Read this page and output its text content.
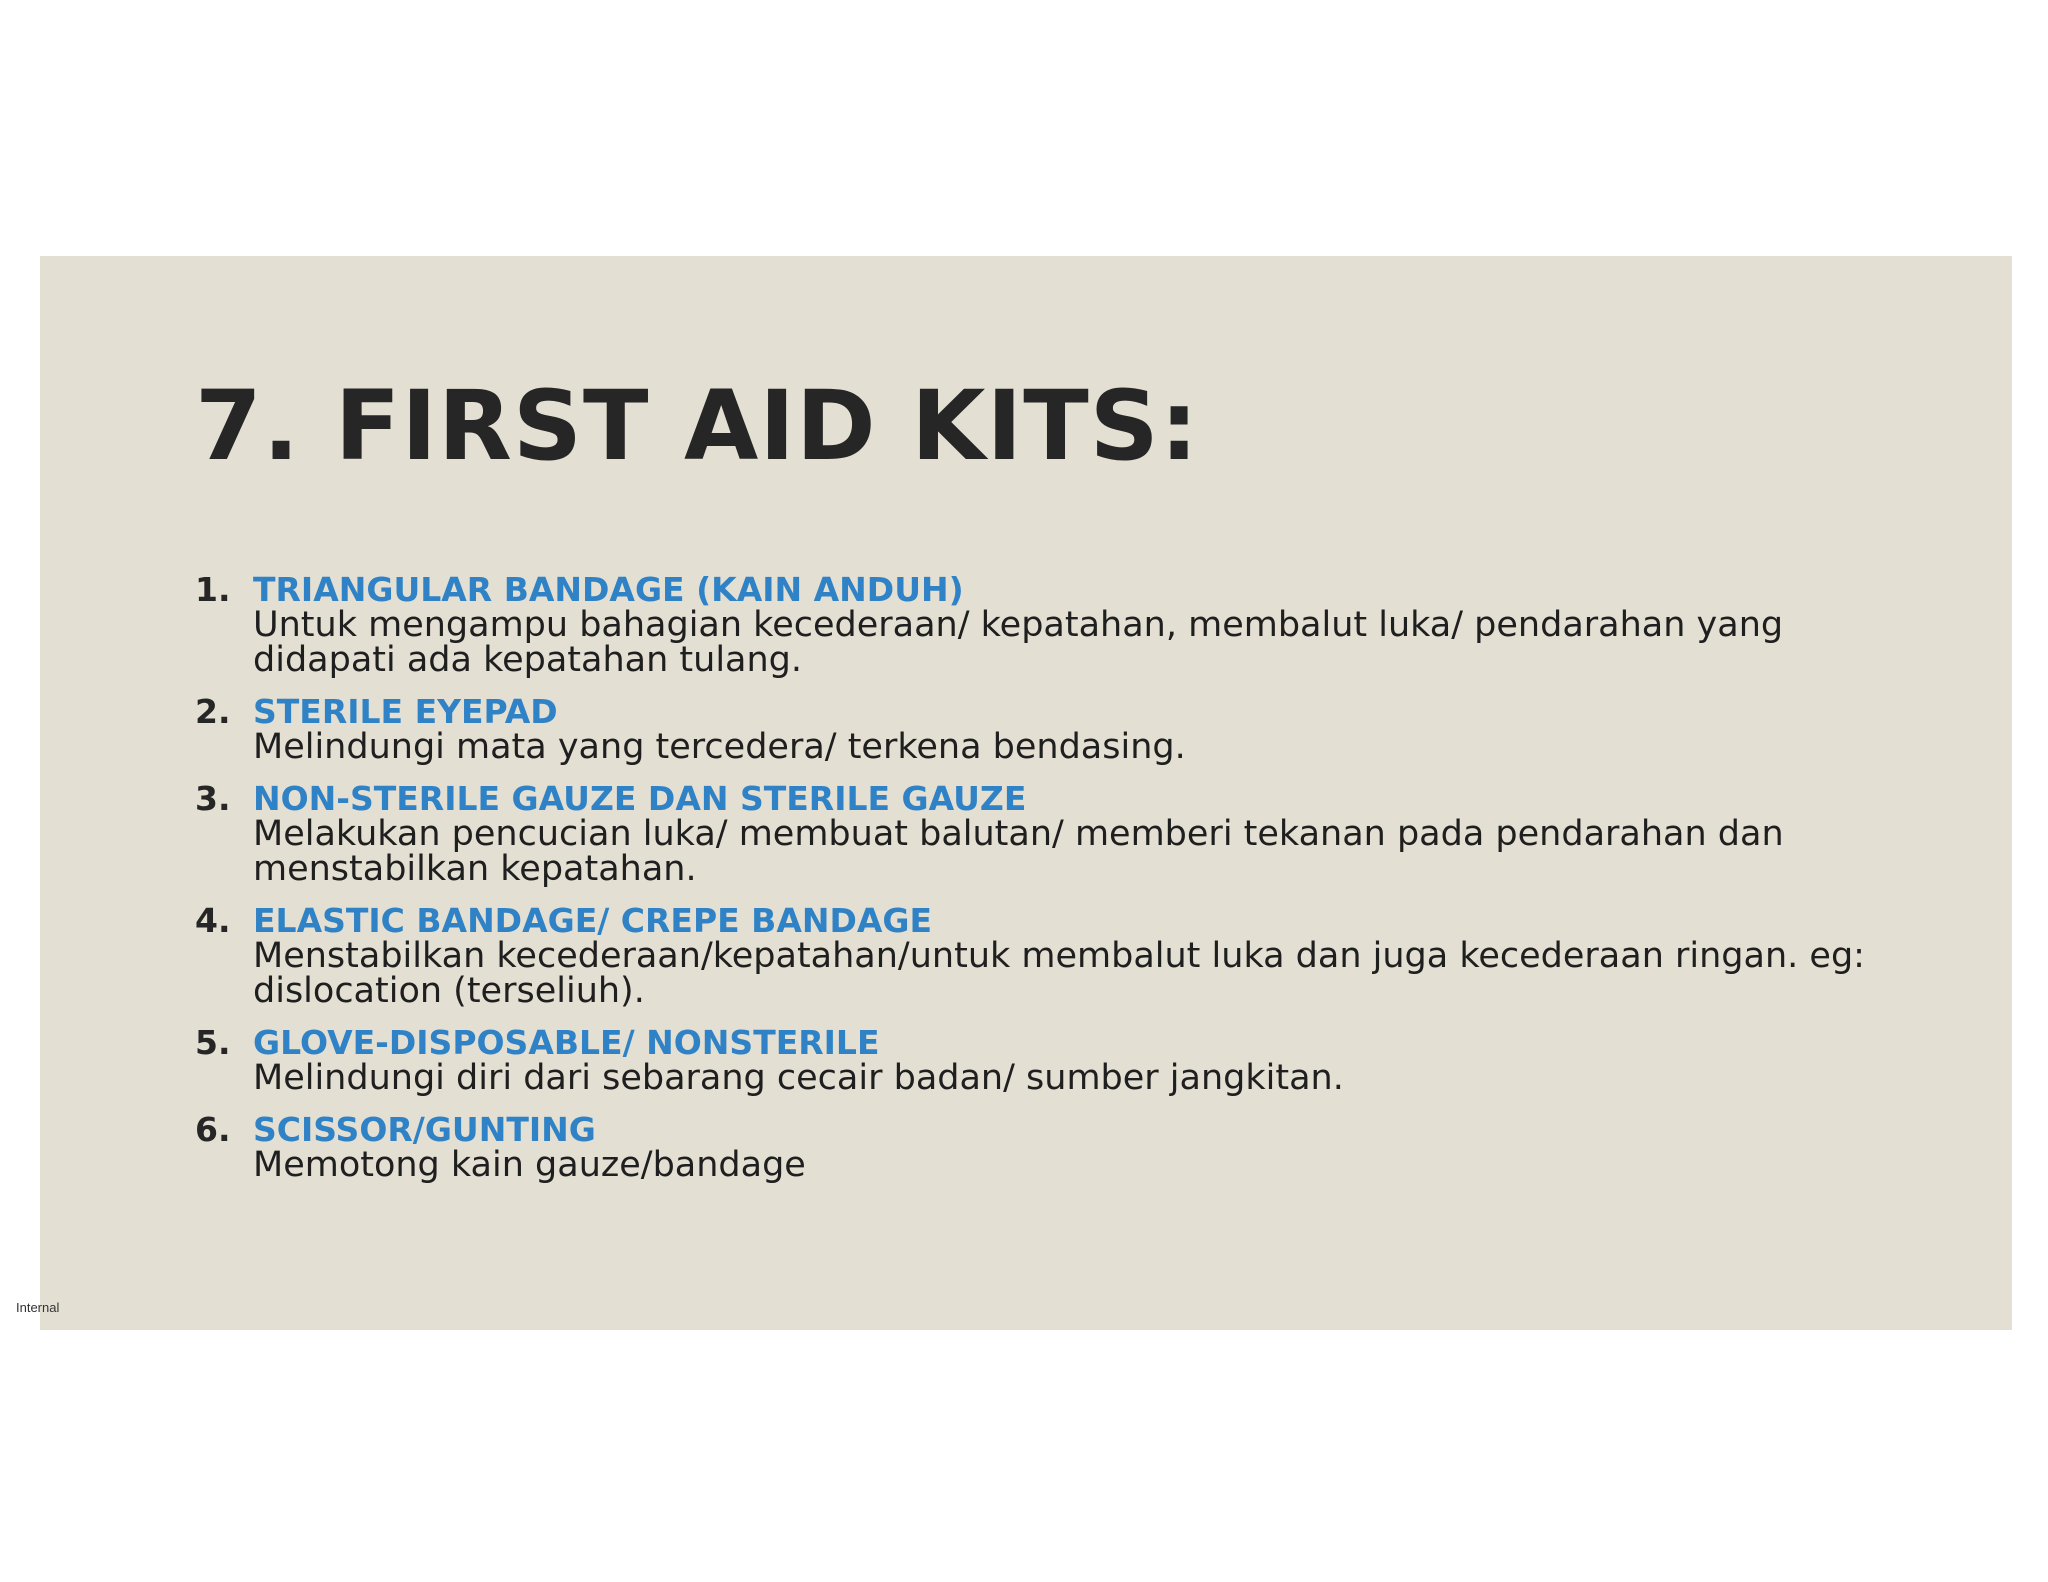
7. FIRST AID KITS:
1. TRIANGULAR BANDAGE (KAIN ANDUH)
Untuk mengampu bahagian kecederaan/ kepatahan, membalut luka/ pendarahan yang didapati ada kepatahan tulang.
2. STERILE EYEPAD
Melindungi mata yang tercedera/ terkena bendasing.
3. NON-STERILE GAUZE DAN STERILE GAUZE
Melakukan pencucian luka/ membuat balutan/ memberi tekanan pada pendarahan dan menstabilkan kepatahan.
4. ELASTIC BANDAGE/ CREPE BANDAGE
Menstabilkan kecederaan/kepatahan/untuk membalut luka dan juga kecederaan ringan. eg: dislocation (terseliuh).
5. GLOVE-DISPOSABLE/ NONSTERILE
Melindungi diri dari sebarang cecair badan/ sumber jangkitan.
6. SCISSOR/GUNTING
Memotong kain gauze/bandage
Internal
